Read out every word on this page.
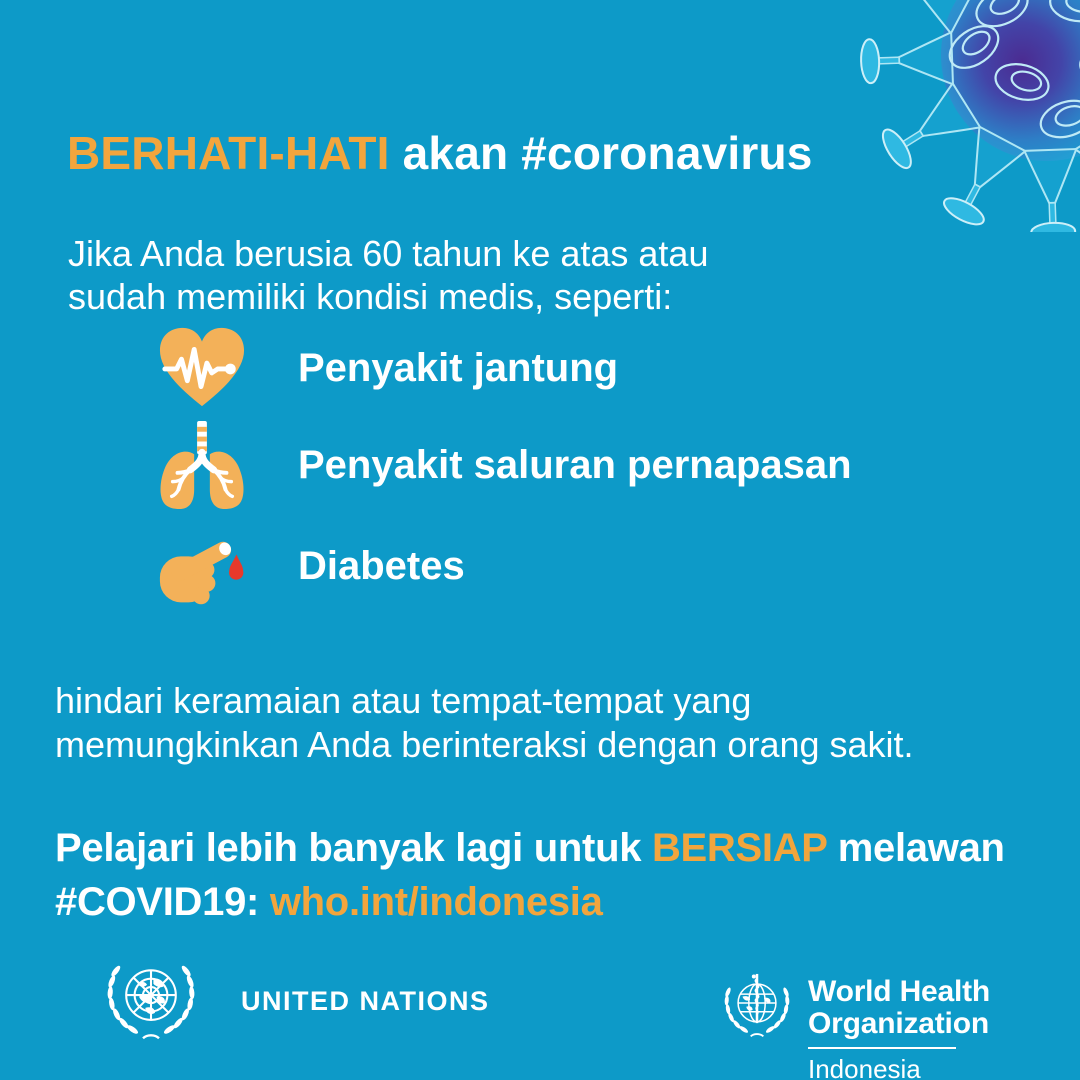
BERHATI-HATI akan #coronavirus

Jika Anda berusia 60 tahun ke atas atau
sudah memiliki kondisi medis, seperti:

Penyakit jantung
Penyakit saluran pernapasan
Diabetes

hindari keramaian atau tempat-tempat yang
memungkinkan Anda berinteraksi dengan orang sakit.

Pelajari lebih banyak lagi untuk BERSIAP melawan
#COVID19: who.int/indonesia

UNITED NATIONS	World Health
Organization
Indonesia
